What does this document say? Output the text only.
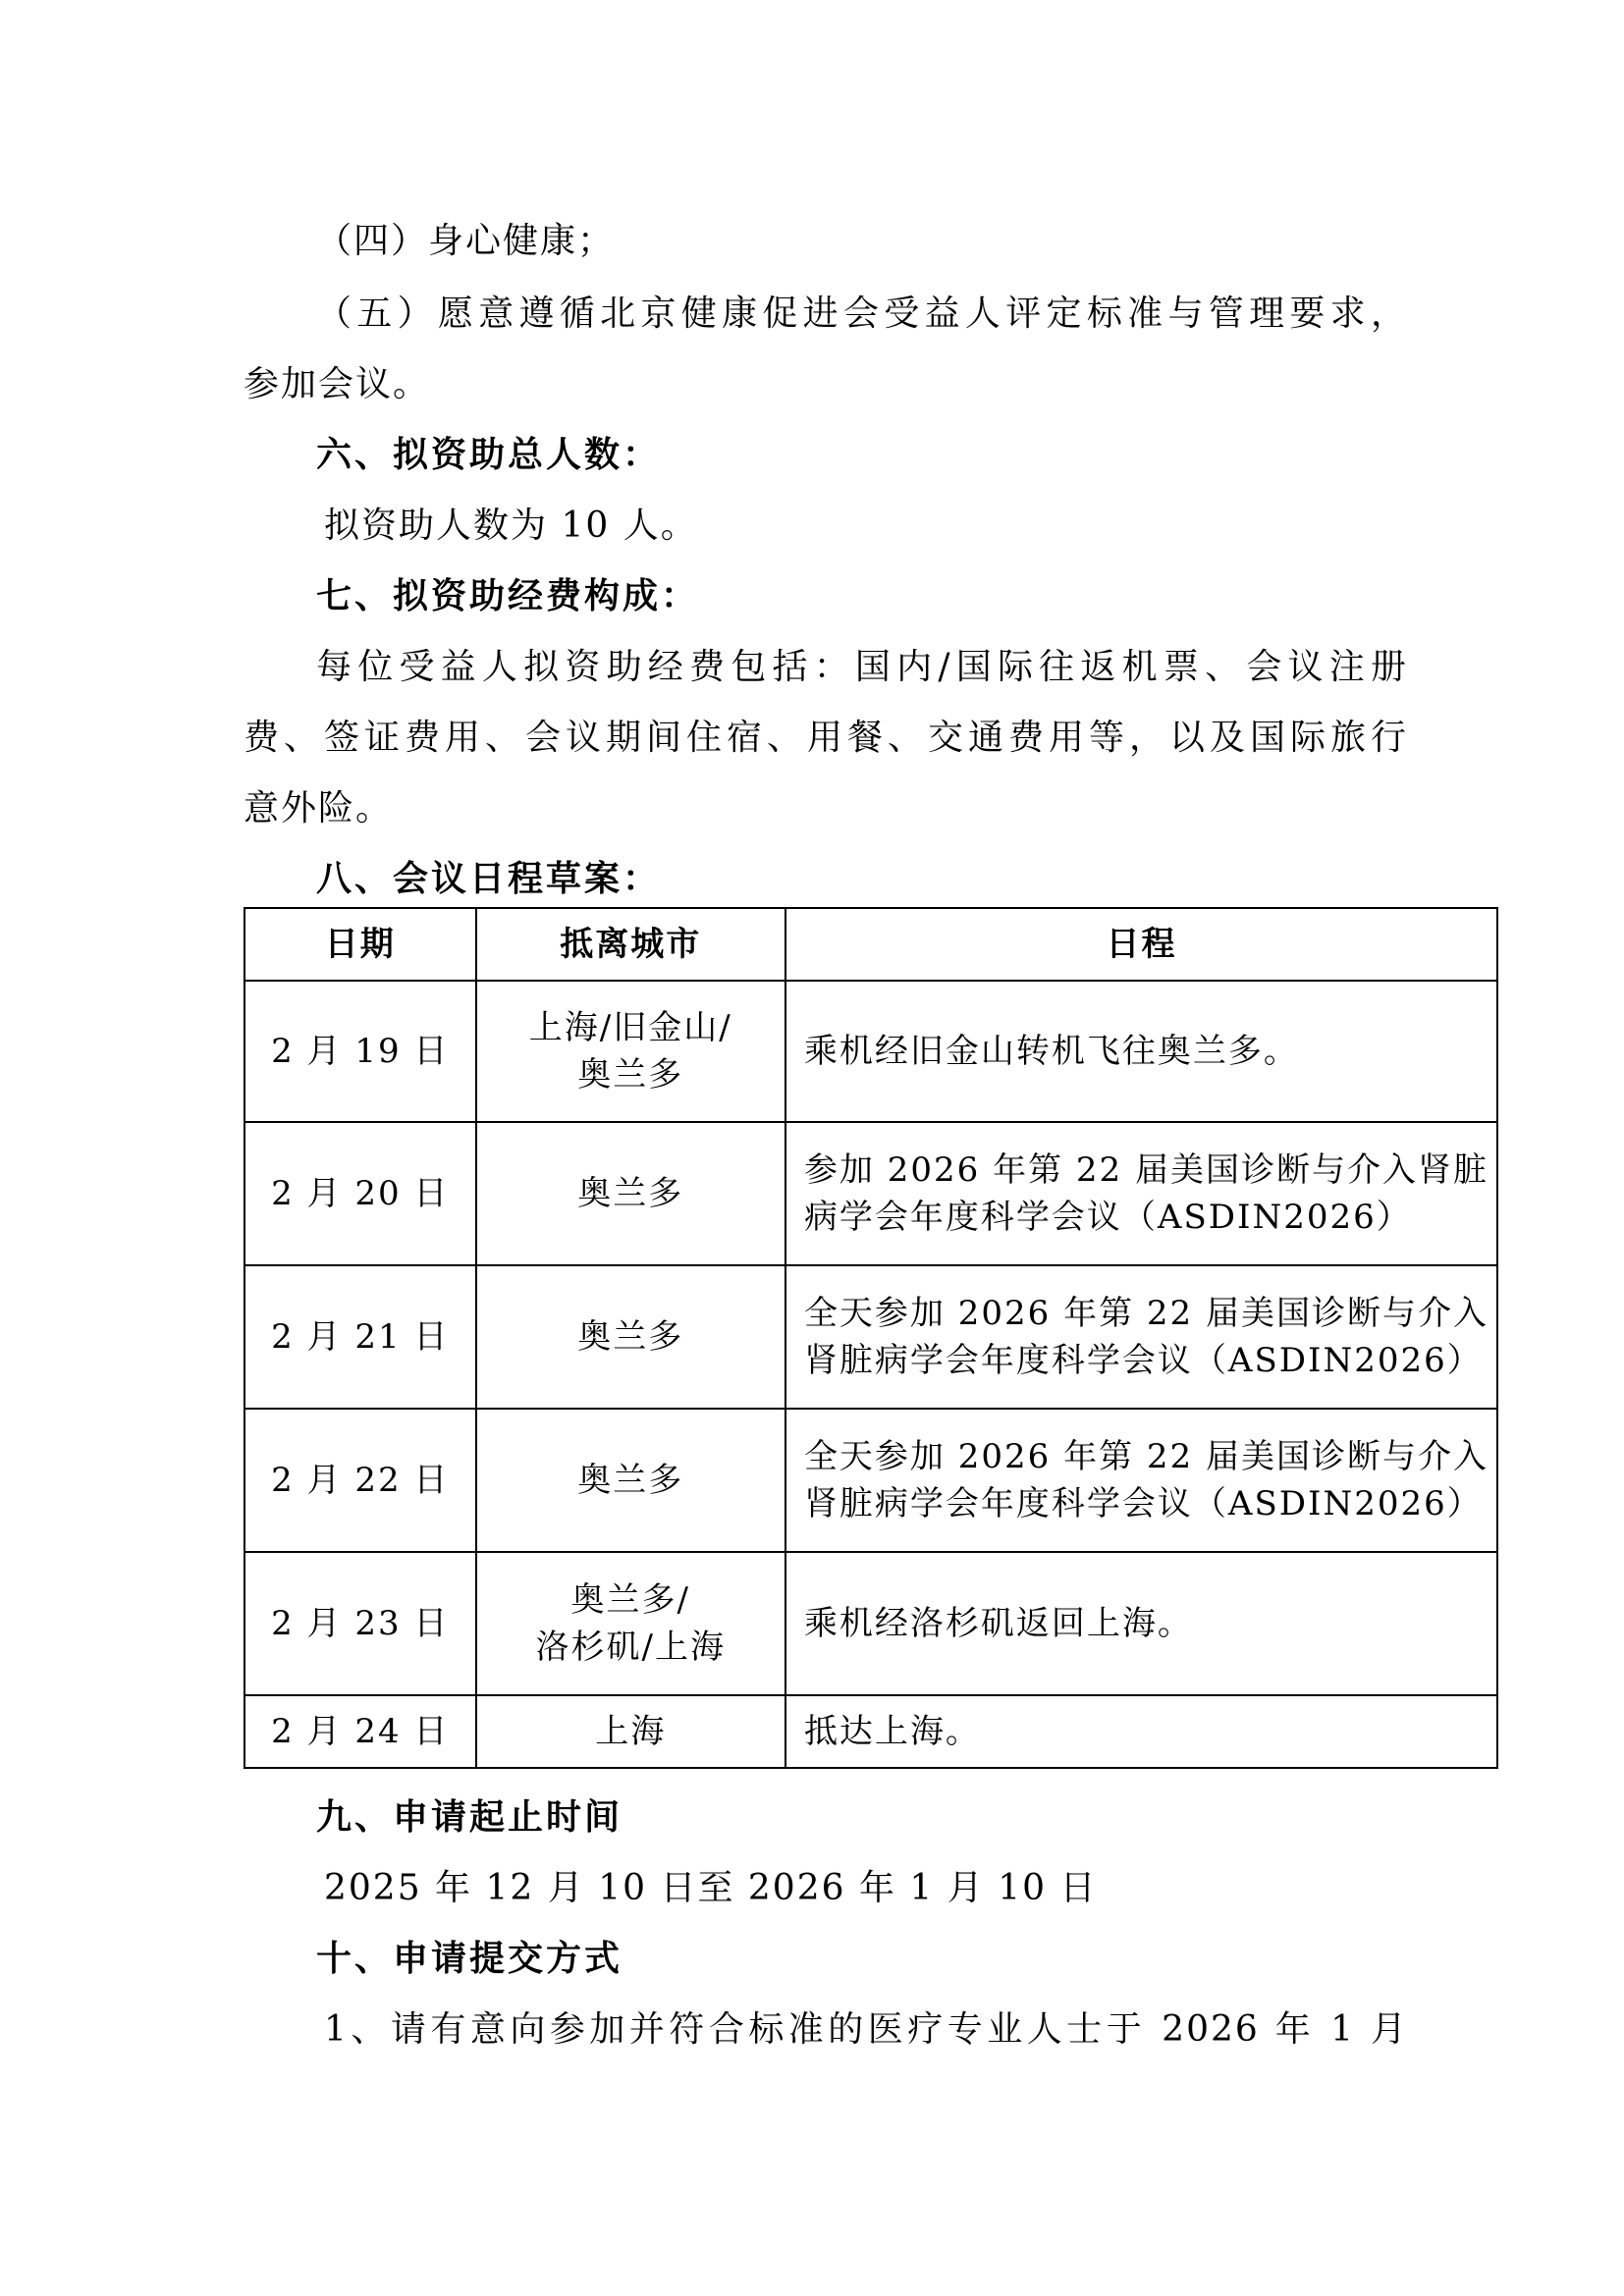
（四）身心健康；
（五）愿意遵循北京健康促进会受益人评定标准与管理要求，
参加会议。
六、拟资助总人数：
拟资助人数为 10 人。
七、拟资助经费构成：
每位受益人拟资助经费包括：国内/国际往返机票、会议注册
费、签证费用、会议期间住宿、用餐、交通费用等，以及国际旅行
意外险。
八、会议日程草案：
日期	抵离城市	日程
2 月 19 日	上海/旧金山/
奥兰多	乘机经旧金山转机飞往奥兰多。

2 月 20 日	奥兰多	参加 2026 年第 22 届美国诊断与介入肾脏
病学会年度科学会议（ASDIN2026）

2 月 21 日	奥兰多	全天参加 2026 年第 22 届美国诊断与介入
肾脏病学会年度科学会议（ASDIN2026）

2 月 22 日	奥兰多	全天参加 2026 年第 22 届美国诊断与介入
肾脏病学会年度科学会议（ASDIN2026）

2 月 23 日	奥兰多/
洛杉矶/上海	乘机经洛杉矶返回上海。

2 月 24 日	上海	抵达上海。
九、申请起止时间
2025 年 12 月 10 日至 2026 年 1 月 10 日
十、申请提交方式
1、请有意向参加并符合标准的医疗专业人士于 2026 年 1 月
